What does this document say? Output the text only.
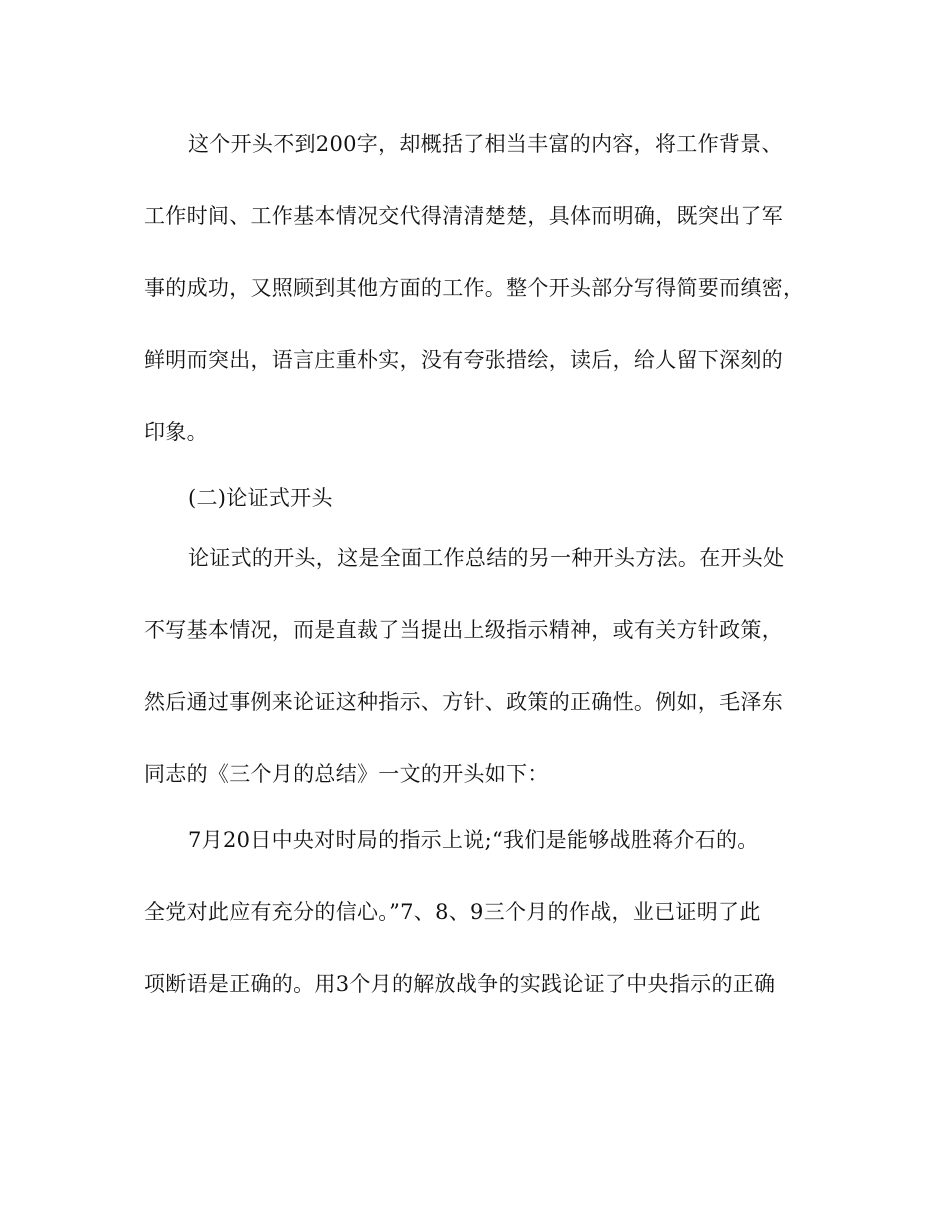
这个开头不到200字，却概括了相当丰富的内容，将工作背景、
工作时间、工作基本情况交代得清清楚楚，具体而明确，既突出了军
事的成功，又照顾到其他方面的工作。整个开头部分写得简要而缜密，
鲜明而突出，语言庄重朴实，没有夸张措绘，读后，给人留下深刻的
印象。
(二)论证式开头
论证式的开头，这是全面工作总结的另一种开头方法。在开头处
不写基本情况，而是直裁了当提出上级指示精神，或有关方针政策，
然后通过事例来论证这种指示、方针、政策的正确性。例如，毛泽东
同志的《三个月的总结》一文的开头如下：
7月20日中央对时局的指示上说;“我们是能够战胜蒋介石的。
全党对此应有充分的信心。”7、8、9三个月的作战，业已证明了此
项断语是正确的。用3个月的解放战争的实践论证了中央指示的正确
